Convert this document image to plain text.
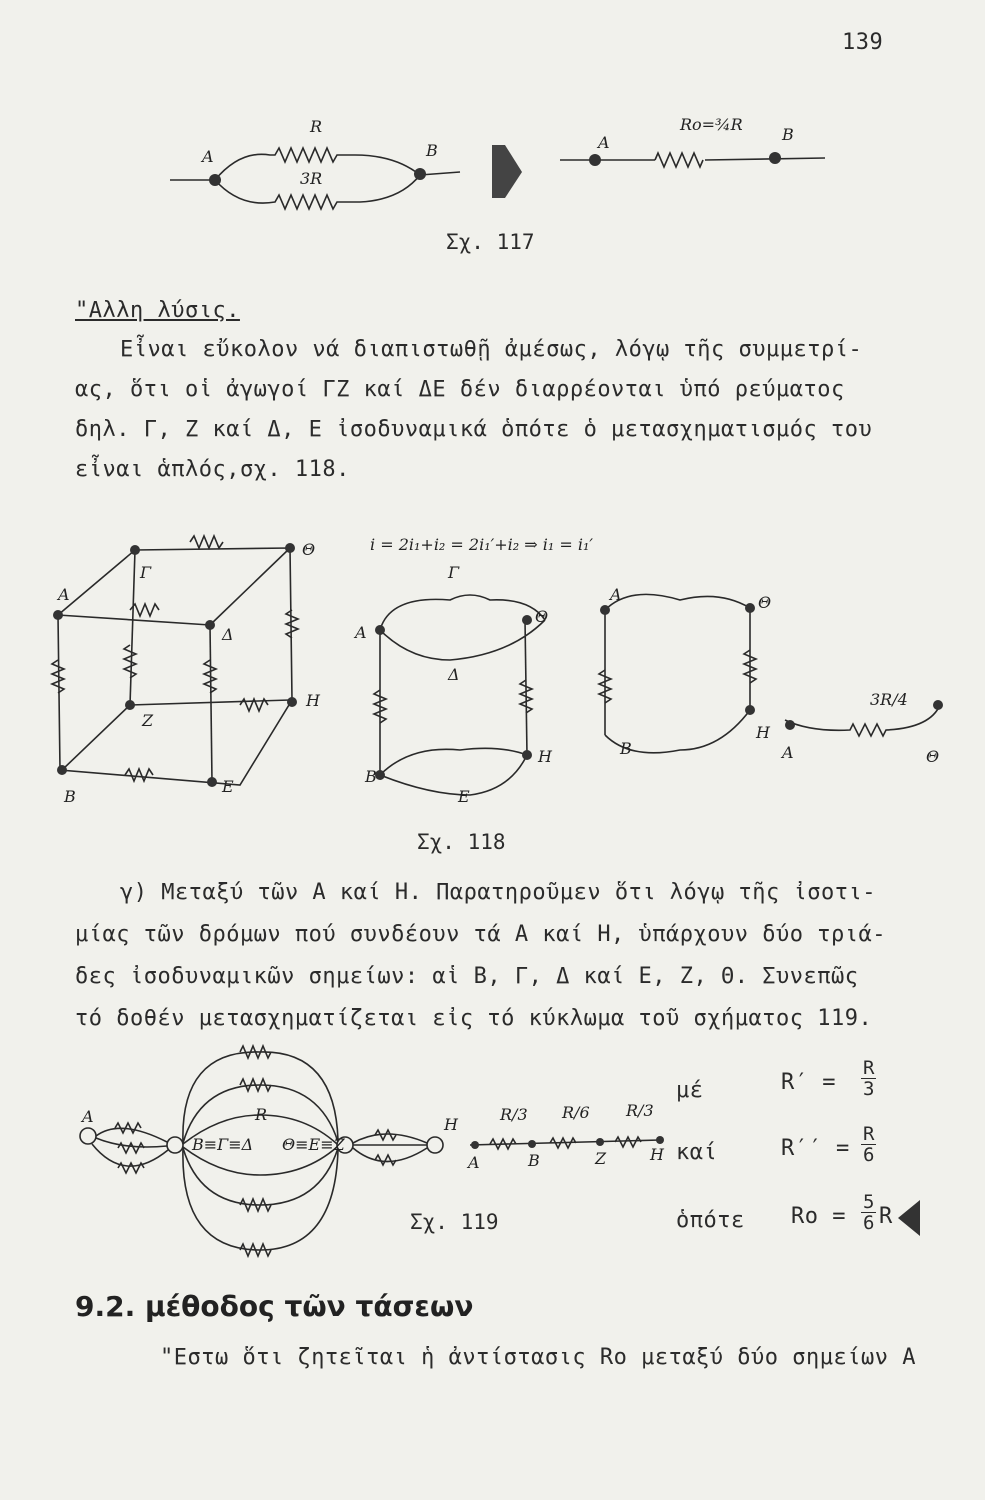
139
A
R
3R
B	A
Ro=¾R
B
Σχ. 117
"Αλλη λύσις.
Εἶναι εὔκολον νά διαπιστωθῇ ἀμέσως, λόγῳ τῆς συμμετρί-
ας, ὅτι οἱ ἀγωγοί ΓΖ καί ΔΕ δέν διαρρέονται ὑπό ρεύματος
δηλ. Γ, Ζ καί Δ, Ε ἰσοδυναμικά ὁπότε ὁ μετασχηματισμός του
εἶναι ἁπλός,σχ. 118.
i = 2i₁+i₂ = 2i₁′+i₂ ⇒ i₁ = i₁′
A
Γ
Θ
Δ
Z
H
B
E
A
Θ
H
B
Δ
E
Γ
A	Θ
H
B	A
3R/4
Θ
Σχ. 118
γ) Μεταξύ τῶν A καί H. Παρατηροῦμεν ὅτι λόγῳ τῆς ἰσοτι-
μίας τῶν δρόμων πού συνδέουν τά A καί H, ὑπάρχουν δύο τριά-
δες ἰσοδυναμικῶν σημείων: αἱ B, Γ, Δ καί E, Z, Θ. Συνεπῶς
τό δοθέν μετασχηματίζεται εἰς τό κύκλωμα τοῦ σχήματος 119.
A
B≡Γ≡Δ Θ≡E≡Z
H
R
A	B	Z	H
R/3 R/6 R/3
Σχ. 119
μέ	$R' = \frac{R}{3}$
καί	$R'' = \frac{R}{6}$
ὁπότε $Ro = \frac{5}{6}$ R
9.2. μέθοδος τῶν τάσεων
"Εστω ὅτι ζητεῖται ἡ ἀντίστασις Ro μεταξύ δύο σημείων A
